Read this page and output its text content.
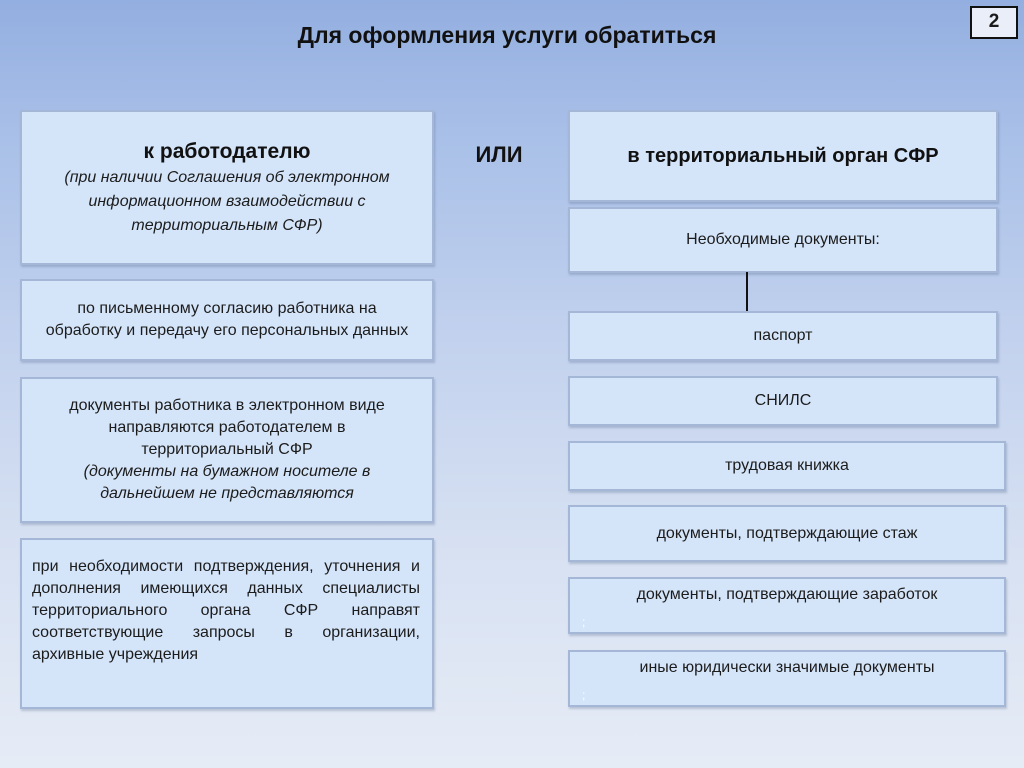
Для оформления услуги обратиться
2
к работодателю
(при наличии Соглашения об электронном информационном взаимодействии с территориальным СФР)
по письменному согласию работника на обработку и передачу его персональных данных
документы работника в электронном виде направляются работодателем в территориальный СФР
(документы на бумажном носителе в дальнейшем не представляются
при необходимости подтверждения, уточнения и дополнения имеющихся данных специалисты территориального органа СФР направят соответствующие запросы в организации, архивные учреждения
ИЛИ	в территориальный орган СФР
Необходимые документы:
паспорт
СНИЛС
трудовая книжка
документы, подтверждающие стаж
документы, подтверждающие заработок
;
иные юридически значимые документы
;
